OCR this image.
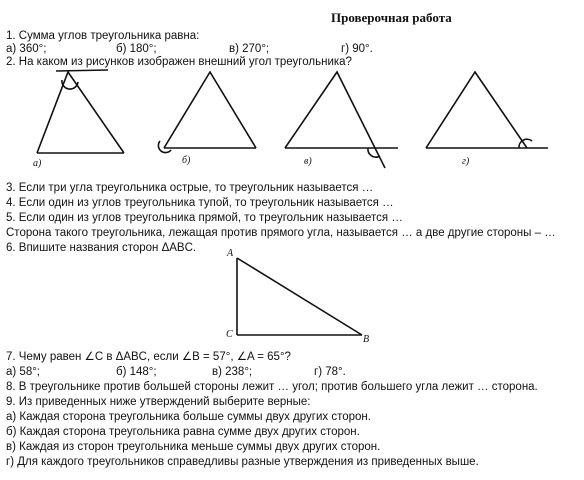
Проверочная работа
1. Сумма углов треугольника равна:
а) 360°;	б) 180°;	в) 270°;	г) 90°.
2. На каком из рисунков изображен внешний угол треугольника?
а)	б)	в)	г)
3. Если три угла треугольника острые, то треугольник называется …
4. Если один из углов треугольника тупой, то треугольник называется …
5. Если один из углов треугольника прямой, то треугольник называется …
Сторона такого треугольника, лежащая против прямого угла, называется … а две другие стороны – …
6. Впишите названия сторон ΔABC.	A
C	B
7. Чему равен ∠C в ΔABC, если ∠B = 57°, ∠A = 65°?
а) 58°;	б) 148°;	в) 238°;	г) 78°.
8. В треугольнике против большей стороны лежит … угол; против большего угла лежит … сторона.
9. Из приведенных ниже утверждений выберите верные:
а) Каждая сторона треугольника больше суммы двух других сторон.
б) Каждая сторона треугольника равна сумме двух других сторон.
в) Каждая из сторон треугольника меньше суммы двух других сторон.
г) Для каждого треугольников справедливы разные утверждения из приведенных выше.
